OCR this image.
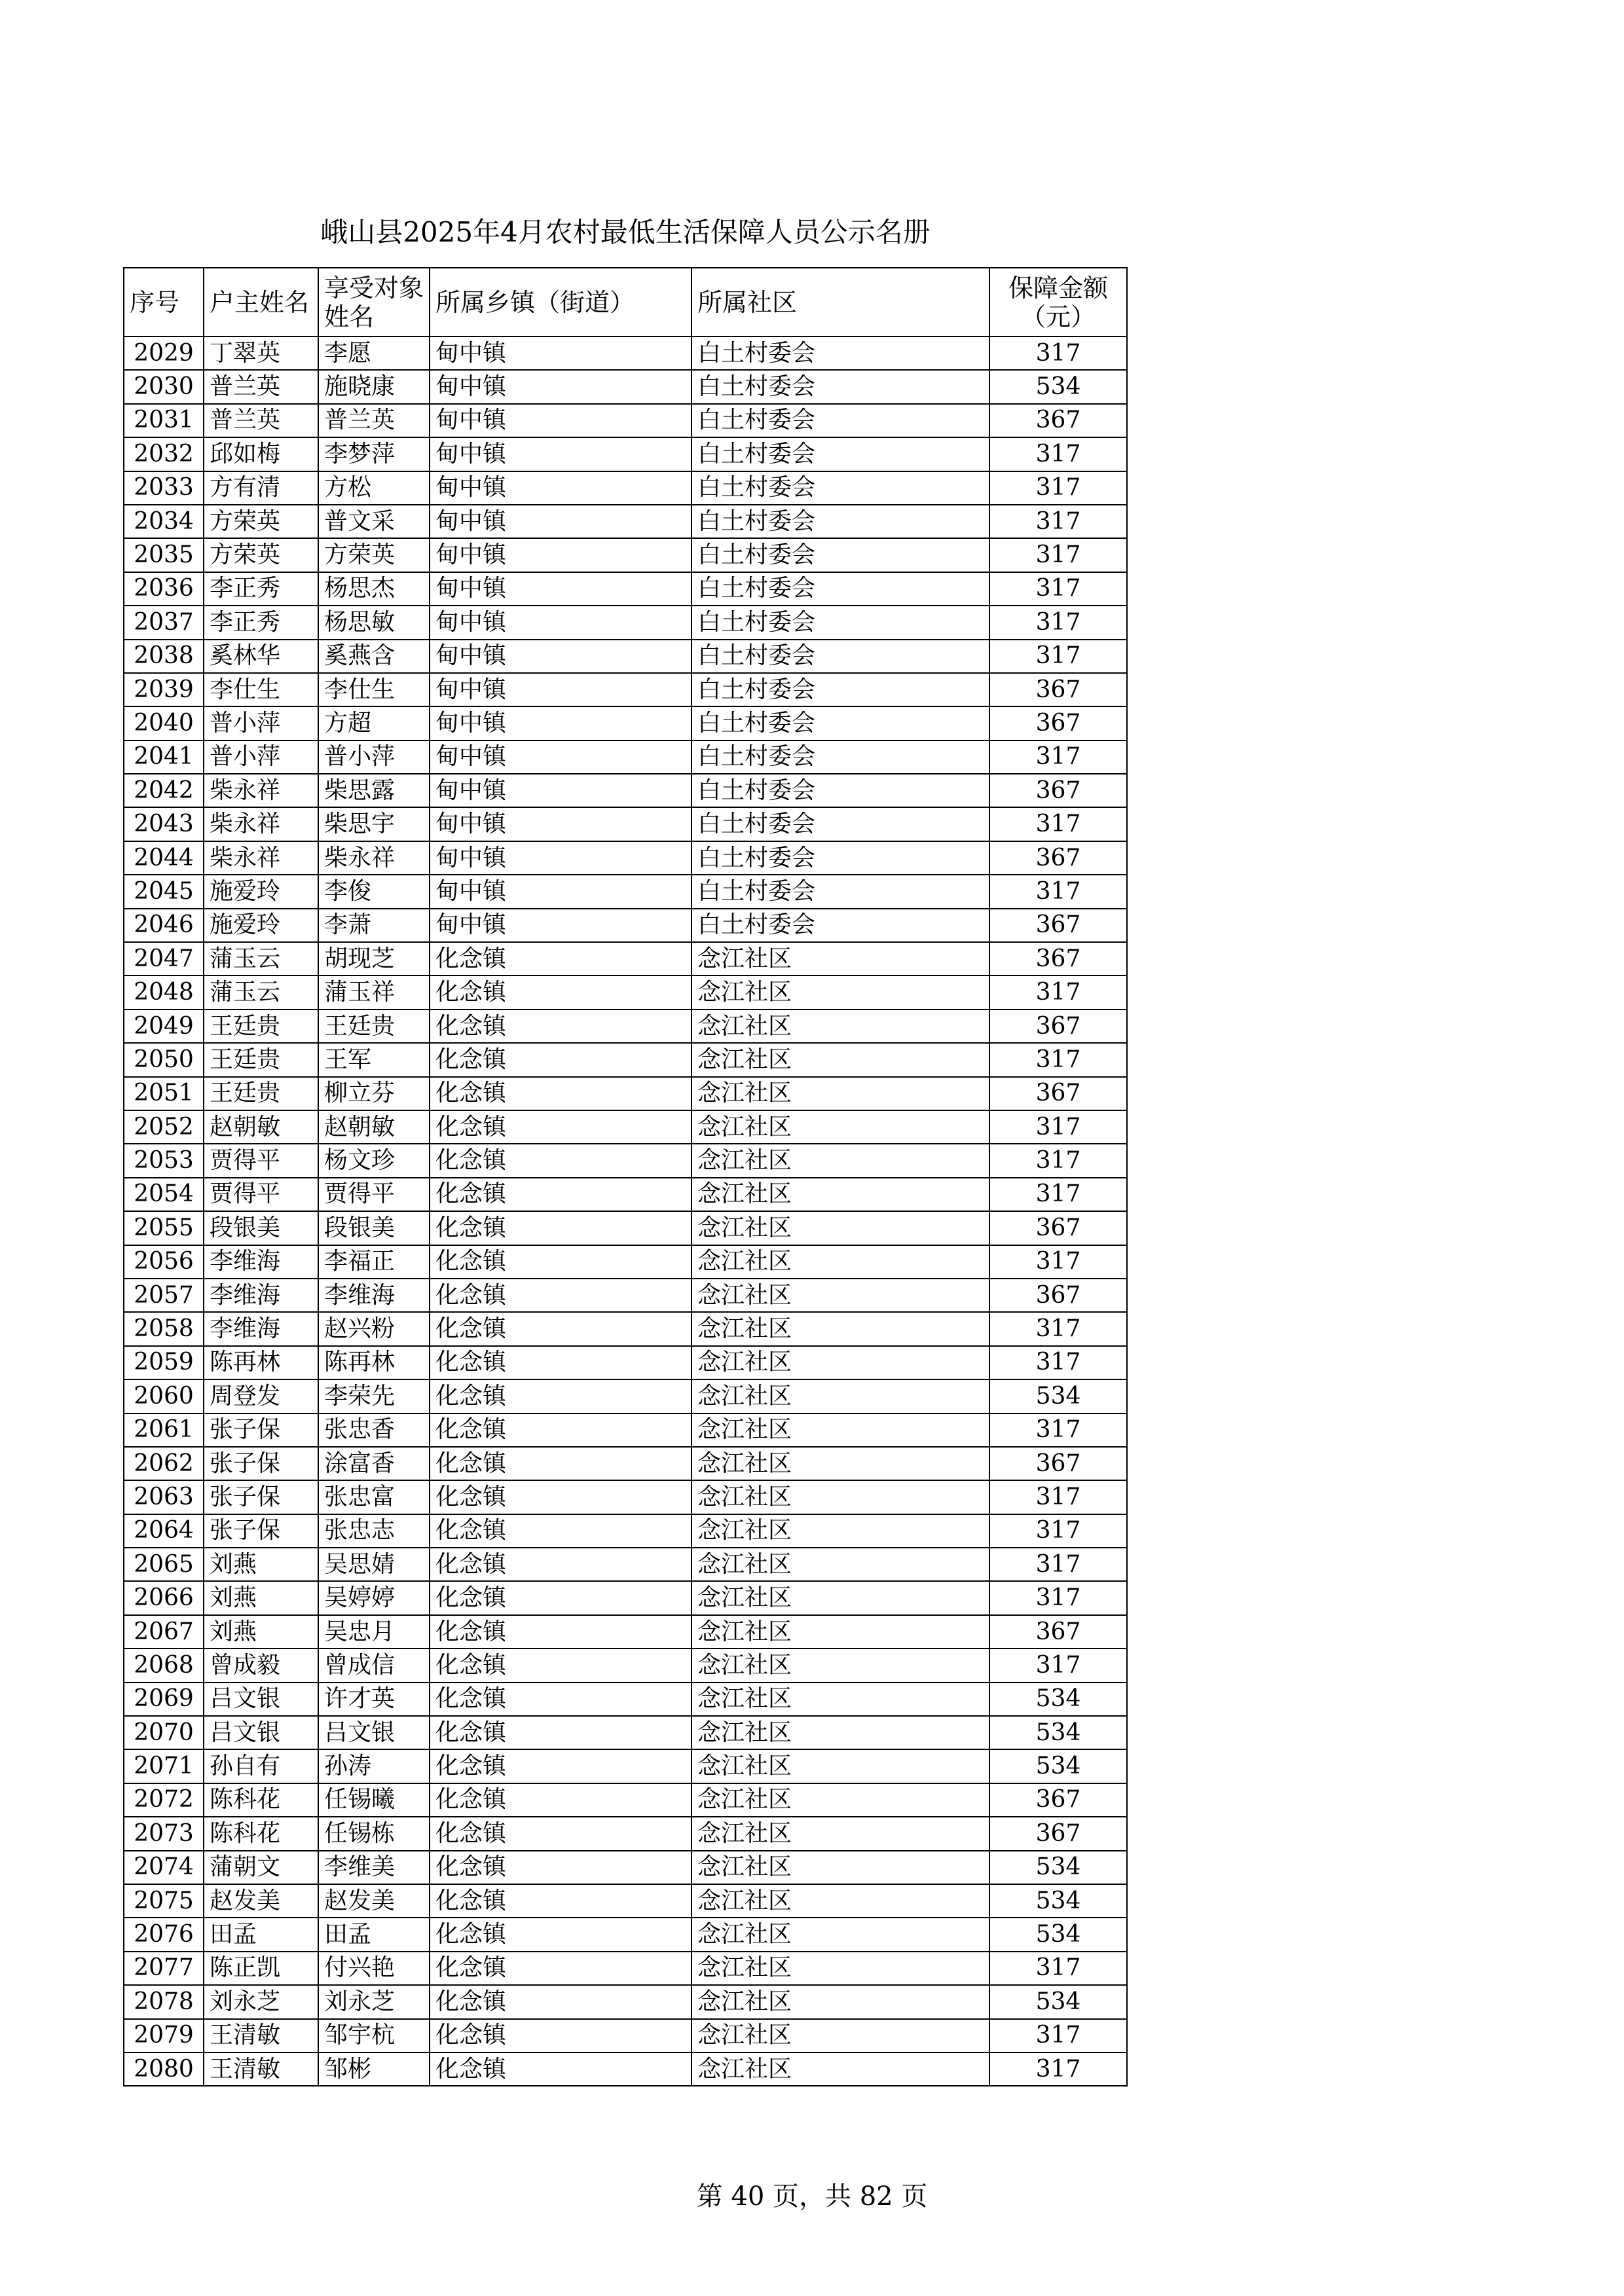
峨山县2025年4月农村最低生活保障人员公示名册
序号	户主姓名	享受对象姓名	所属乡镇（街道）	所属社区	保障金额（元）
2029	丁翠英	李愿	甸中镇	白土村委会	317
2030	普兰英	施晓康	甸中镇	白土村委会	534
2031	普兰英	普兰英	甸中镇	白土村委会	367
2032	邱如梅	李梦萍	甸中镇	白土村委会	317
2033	方有清	方松	甸中镇	白土村委会	317
2034	方荣英	普文采	甸中镇	白土村委会	317
2035	方荣英	方荣英	甸中镇	白土村委会	317
2036	李正秀	杨思杰	甸中镇	白土村委会	317
2037	李正秀	杨思敏	甸中镇	白土村委会	317
2038	奚林华	奚燕含	甸中镇	白土村委会	317
2039	李仕生	李仕生	甸中镇	白土村委会	367
2040	普小萍	方超	甸中镇	白土村委会	367
2041	普小萍	普小萍	甸中镇	白土村委会	317
2042	柴永祥	柴思露	甸中镇	白土村委会	367
2043	柴永祥	柴思宇	甸中镇	白土村委会	317
2044	柴永祥	柴永祥	甸中镇	白土村委会	367
2045	施爱玲	李俊	甸中镇	白土村委会	317
2046	施爱玲	李萧	甸中镇	白土村委会	367
2047	蒲玉云	胡现芝	化念镇	念江社区	367
2048	蒲玉云	蒲玉祥	化念镇	念江社区	317
2049	王廷贵	王廷贵	化念镇	念江社区	367
2050	王廷贵	王军	化念镇	念江社区	317
2051	王廷贵	柳立芬	化念镇	念江社区	367
2052	赵朝敏	赵朝敏	化念镇	念江社区	317
2053	贾得平	杨文珍	化念镇	念江社区	317
2054	贾得平	贾得平	化念镇	念江社区	317
2055	段银美	段银美	化念镇	念江社区	367
2056	李维海	李福正	化念镇	念江社区	317
2057	李维海	李维海	化念镇	念江社区	367
2058	李维海	赵兴粉	化念镇	念江社区	317
2059	陈再林	陈再林	化念镇	念江社区	317
2060	周登发	李荣先	化念镇	念江社区	534
2061	张子保	张忠香	化念镇	念江社区	317
2062	张子保	涂富香	化念镇	念江社区	367
2063	张子保	张忠富	化念镇	念江社区	317
2064	张子保	张忠志	化念镇	念江社区	317
2065	刘燕	吴思婧	化念镇	念江社区	317
2066	刘燕	吴婷婷	化念镇	念江社区	317
2067	刘燕	吴忠月	化念镇	念江社区	367
2068	曾成毅	曾成信	化念镇	念江社区	317
2069	吕文银	许才英	化念镇	念江社区	534
2070	吕文银	吕文银	化念镇	念江社区	534
2071	孙自有	孙涛	化念镇	念江社区	534
2072	陈科花	任锡曦	化念镇	念江社区	367
2073	陈科花	任锡栋	化念镇	念江社区	367
2074	蒲朝文	李维美	化念镇	念江社区	534
2075	赵发美	赵发美	化念镇	念江社区	534
2076	田孟	田孟	化念镇	念江社区	534
2077	陈正凯	付兴艳	化念镇	念江社区	317
2078	刘永芝	刘永芝	化念镇	念江社区	534
2079	王清敏	邹宇杭	化念镇	念江社区	317
2080	王清敏	邹彬	化念镇	念江社区	317
第 40 页，共 82 页
